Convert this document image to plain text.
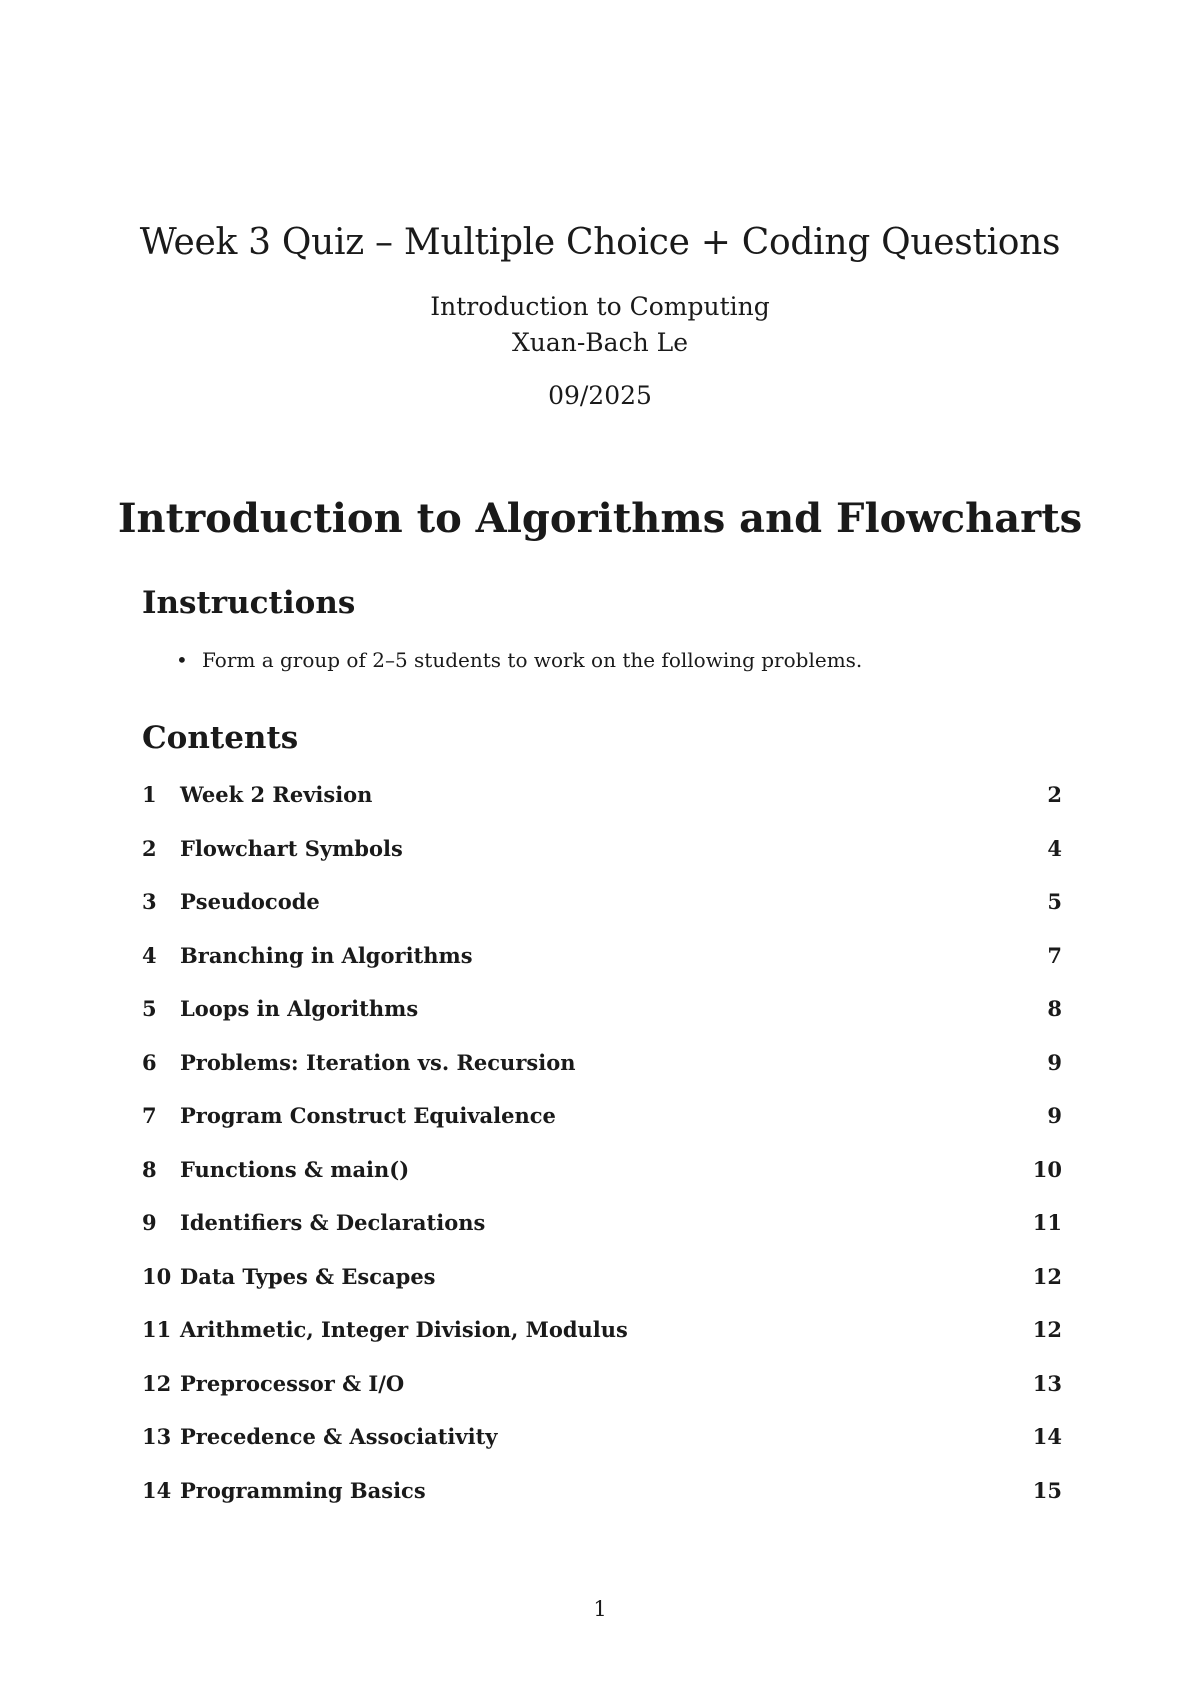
Week 3 Quiz – Multiple Choice + Coding Questions
Introduction to Computing
Xuan-Bach Le
09/2025
Introduction to Algorithms and Flowcharts
Instructions
• Form a group of 2–5 students to work on the following problems.
Contents
1	Week 2 Revision	2
2	Flowchart Symbols	4
3	Pseudocode	5
4	Branching in Algorithms	7
5	Loops in Algorithms	8
6	Problems: Iteration vs. Recursion	9
7	Program Construct Equivalence	9
8	Functions & main()	10
9	Identifiers & Declarations	11
10 Data Types & Escapes	12
11 Arithmetic, Integer Division, Modulus	12
12 Preprocessor & I/O	13
13 Precedence & Associativity	14
14 Programming Basics	15
1
